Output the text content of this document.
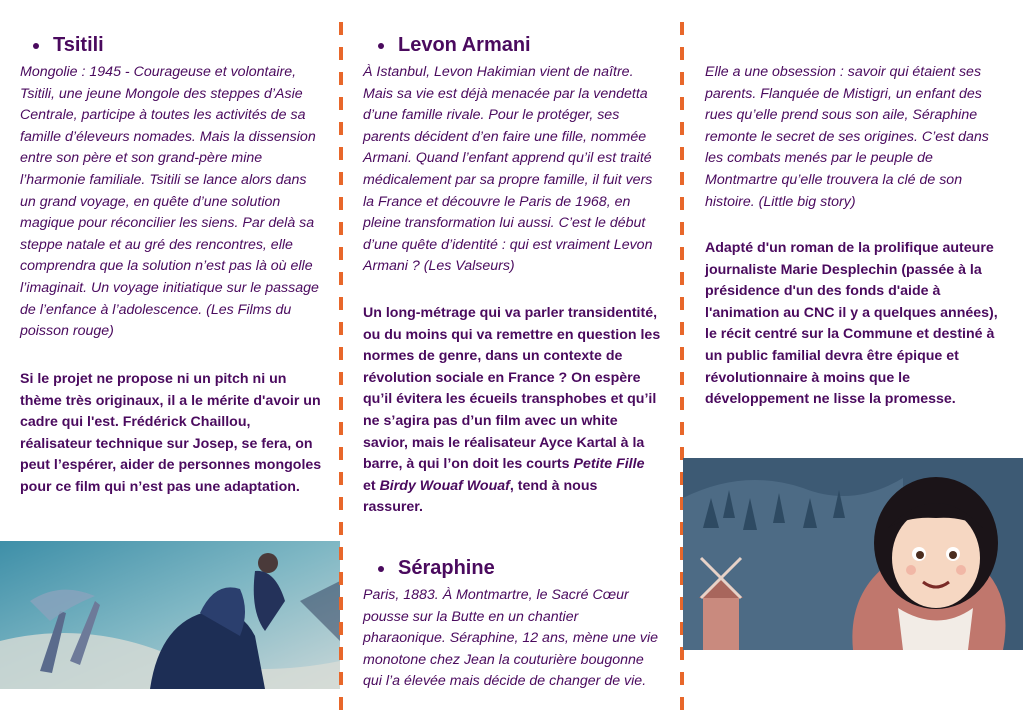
Tsitili
Mongolie : 1945 - Courageuse et volontaire, Tsitili, une jeune Mongole des steppes d’Asie Centrale, participe à toutes les activités de sa famille d’éleveurs nomades. Mais la dissension entre son père et son grand-père mine l’harmonie familiale. Tsitili se lance alors dans un grand voyage, en quête d’une solution magique pour réconcilier les siens. Par delà sa steppe natale et au gré des rencontres, elle comprendra que la solution n’est pas là où elle l’imaginait. Un voyage initiatique sur le passage de l’enfance à l’adolescence. (Les Films du poisson rouge)
Si le projet ne propose ni un pitch ni un thème très originaux, il a le mérite d'avoir un cadre qui l'est. Frédérick Chaillou, réalisateur technique sur Josep, se fera, on peut l’espérer, aider de personnes mongoles pour ce film qui n’est pas une adaptation.
Levon Armani
À Istanbul, Levon Hakimian vient de naître. Mais sa vie est déjà menacée par la vendetta d’une famille rivale. Pour le protéger, ses parents décident d’en faire une fille, nommée Armani. Quand l’enfant apprend qu’il est traité médicalement par sa propre famille, il fuit vers la France et découvre le Paris de 1968, en pleine transformation lui aussi. C’est le début d’une quête d’identité : qui est vraiment Levon Armani ? (Les Valseurs)
Un long-métrage qui va parler transidentité, ou du moins qui va remettre en question les normes de genre, dans un contexte de révolution sociale en France ? On espère qu’il évitera les écueils transphobes et qu’il ne s’agira pas d’un film avec un white savior, mais le réalisateur Ayce Kartal à la barre, à qui l’on doit les courts Petite Fille et Birdy Wouaf Wouaf, tend à nous rassurer.
Séraphine
Paris, 1883. À Montmartre, le Sacré Cœur pousse sur la Butte en un chantier pharaonique. Séraphine, 12 ans, mène une vie monotone chez Jean la couturière bougonne qui l’a élevée mais décide de changer de vie.
Elle a une obsession : savoir qui étaient ses parents. Flanquée de Mistigri, un enfant des rues qu’elle prend sous son aile, Séraphine remonte le secret de ses origines. C’est dans les combats menés par le peuple de Montmartre qu’elle trouvera la clé de son histoire. (Little big story)
Adapté d'un roman de la prolifique auteure journaliste Marie Desplechin (passée à la présidence d'un des fonds d'aide à l'animation au CNC il y a quelques années), le récit centré sur la Commune et destiné à un public familial devra être épique et révolutionnaire à moins que le développement ne lisse la promesse.
